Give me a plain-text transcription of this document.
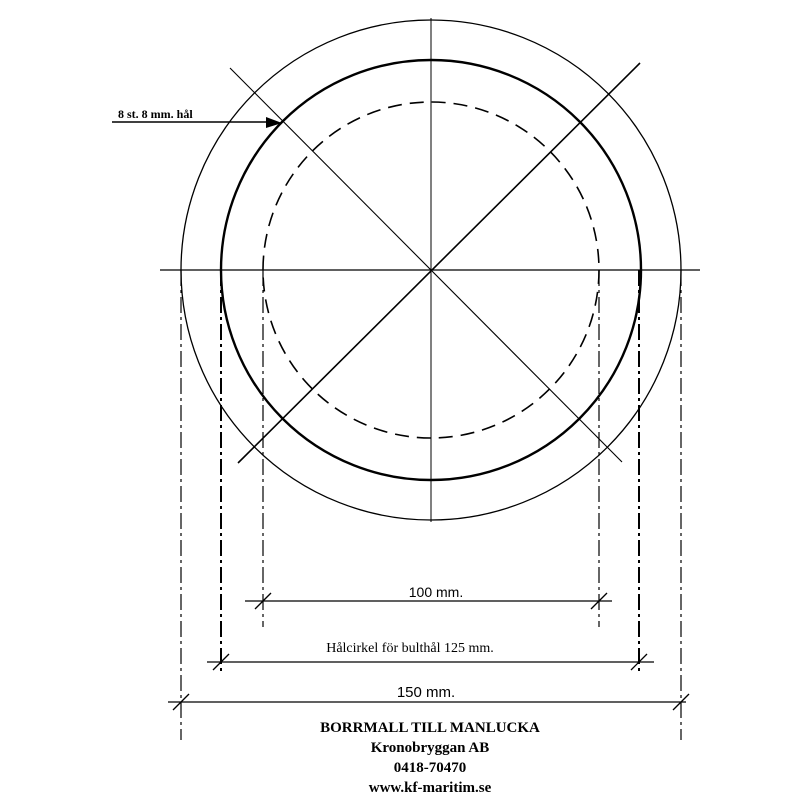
8 st. 8 mm. hål
100 mm.
Hålcirkel för bulthål 125 mm.
150 mm.
BORRMALL TILL MANLUCKA
Kronobryggan AB
0418-70470
www.kf-maritim.se
